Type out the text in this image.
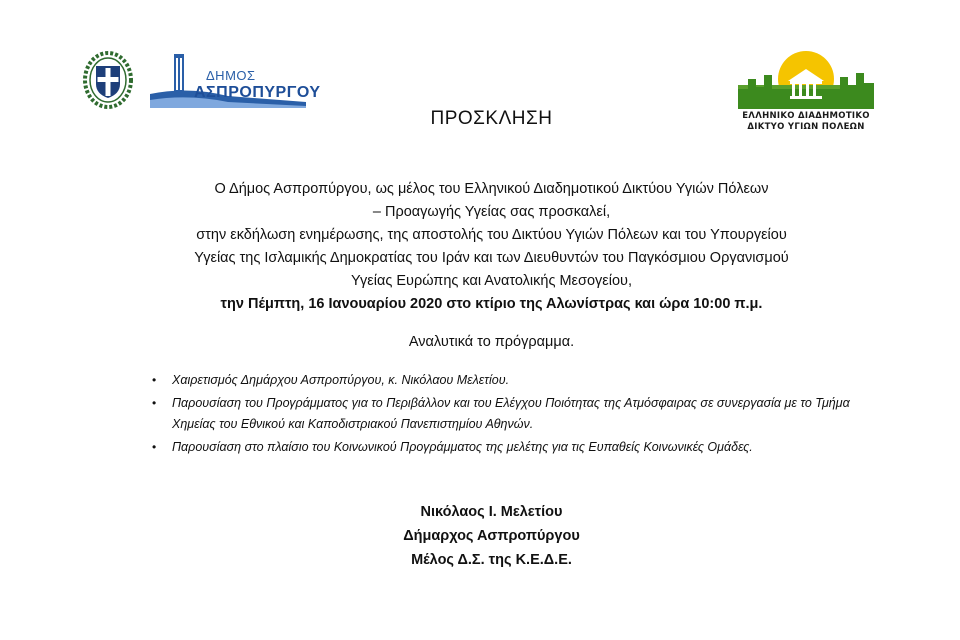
ΔΗΜΟΣ
ΑΣΠΡΟΠΥΡΓΟΥ
ΕΛΛΗΝΙΚΟ ΔΙΑΔΗΜΟΤΙΚΟ
ΔΙΚΤΥΟ ΥΓΙΩΝ ΠΟΛΕΩΝ
ΠΡΟΣΚΛΗΣΗ
Ο Δήμος Ασπροπύργου, ως μέλος του Ελληνικού Διαδημοτικού Δικτύου Υγιών Πόλεων
– Προαγωγής Υγείας σας προσκαλεί,
στην εκδήλωση ενημέρωσης, της αποστολής του Δικτύου Υγιών Πόλεων και του Υπουργείου
Υγείας της Ισλαμικής Δημοκρατίας του Ιράν και των Διευθυντών του Παγκόσμιου Οργανισμού
Υγείας Ευρώπης και Ανατολικής Μεσογείου,
την Πέμπτη, 16 Ιανουαρίου 2020 στο κτίριο της Αλωνίστρας και ώρα 10:00 π.μ.
Αναλυτικά το πρόγραμμα.
• Χαιρετισμός Δημάρχου Ασπροπύργου, κ. Νικόλαου Μελετίου.
• Παρουσίαση του Προγράμματος για το Περιβάλλον και του Ελέγχου Ποιότητας της Ατμόσφαιρας σε συνεργασία με το Τμήμα Χημείας του Εθνικού και Καποδιστριακού Πανεπιστημίου Αθηνών.
• Παρουσίαση στο πλαίσιο του Κοινωνικού Προγράμματος της μελέτης για τις Ευπαθείς Κοινωνικές Ομάδες.
Νικόλαος Ι. Μελετίου
Δήμαρχος Ασπροπύργου
Μέλος Δ.Σ. της Κ.Ε.Δ.Ε.
